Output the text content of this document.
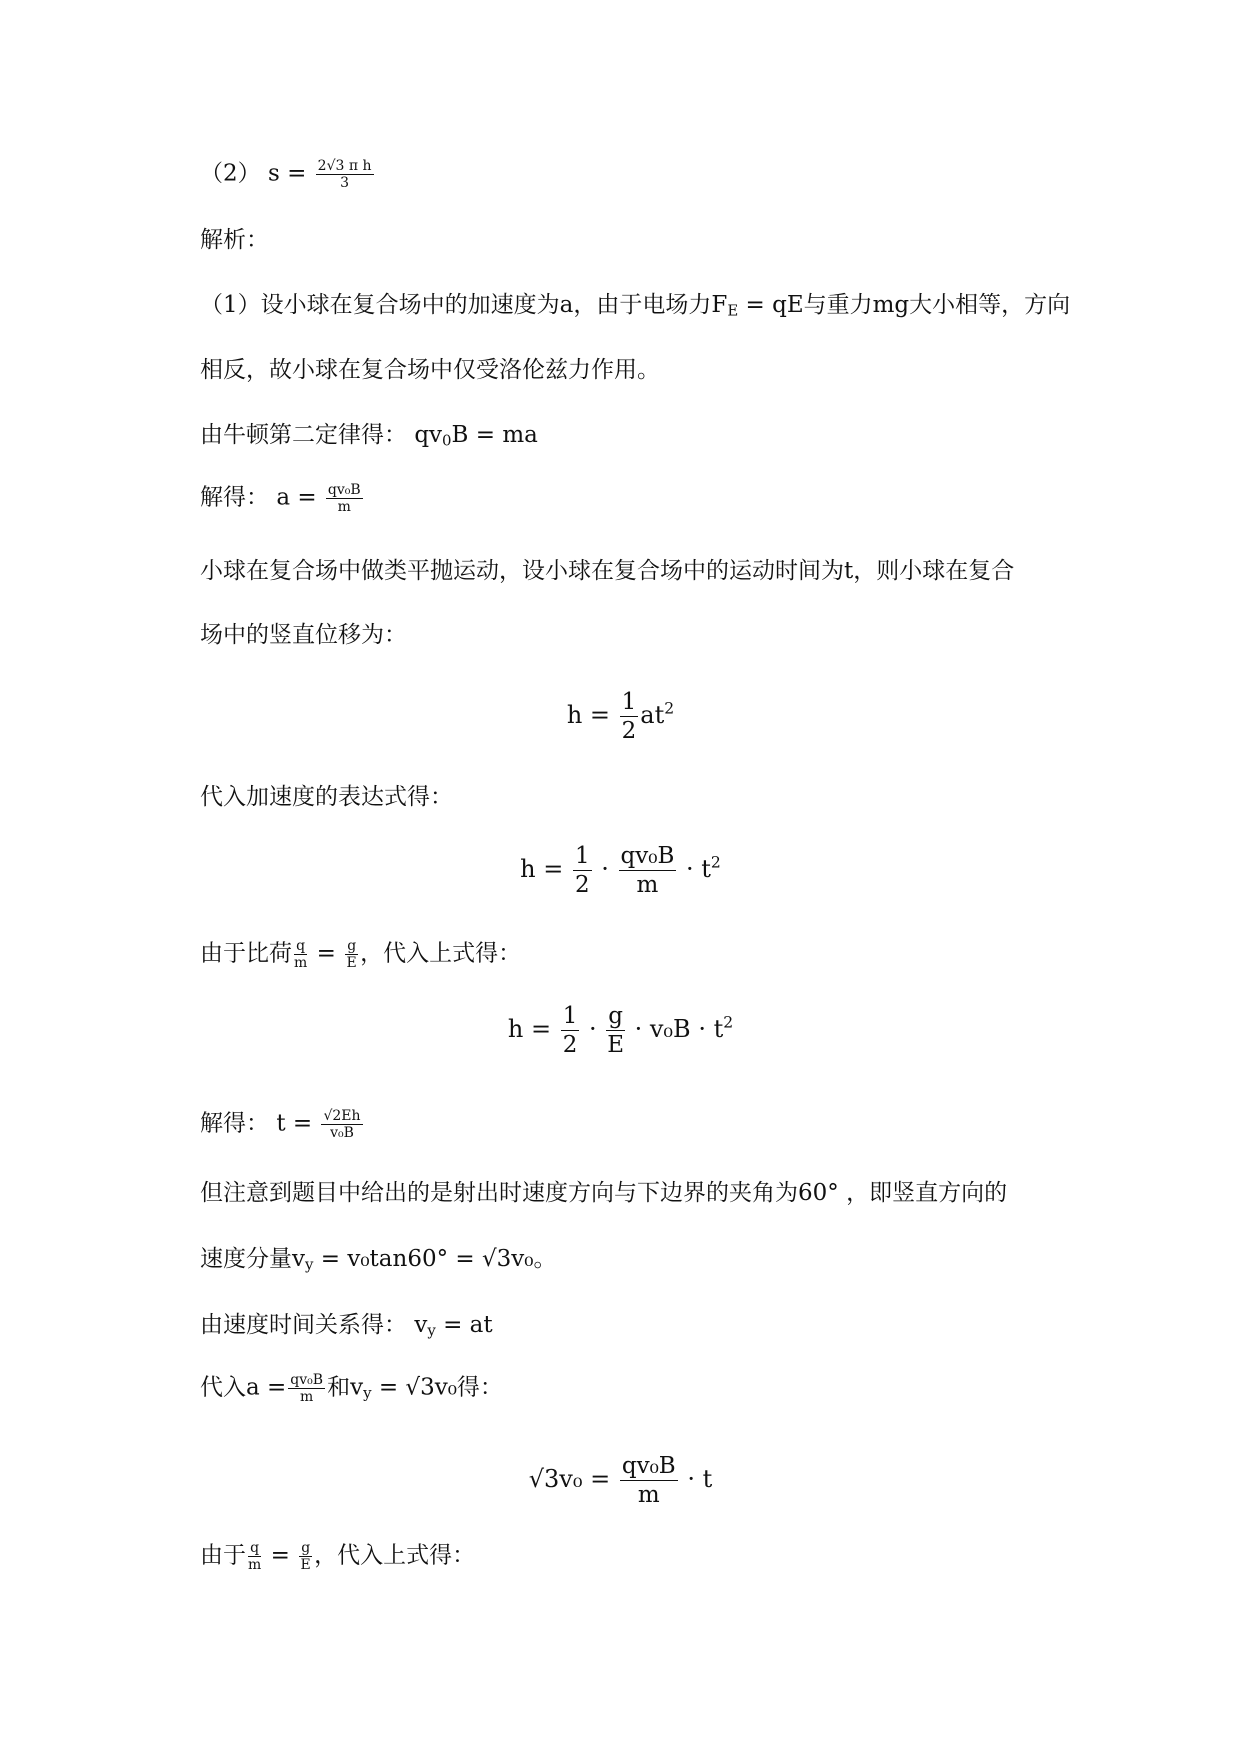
（2） $s = \frac{\text{2√3 π h}}{3}$
解析：
（1）设小球在复合场中的加速度为a，由于电场力$F_E$ = qE与重力mg大小相等，方向
相反，故小球在复合场中仅受洛伦兹力作用。
由牛顿第二定律得： $qv_0B$ = ma
解得： $a = \frac{\text{qv₀B}}{m}$
小球在复合场中做类平抛运动，设小球在复合场中的运动时间为t，则小球在复合
场中的竖直位移为：
$h = \frac{1}{2} at^2$
代入加速度的表达式得：
$h = \frac{1}{2} \cdot \frac{\text{qv₀B}}{m} \cdot t^2$
由于比荷 $\frac{q}{m} = \frac{g}{E}$ ，代入上式得：
$h = \frac{1}{2} \cdot \frac{g}{E} \cdot v_0B \cdot t^2$
解得： $t = \frac{√2Eh}{\text{v₀B}}$
但注意到题目中给出的是射出时速度方向与下边界的夹角为60° ，即竖直方向的
速度分量$v_y = v_0\tan 60^\circ = √3v_0$。
由速度时间关系得： $v_y$ = at
代入$a = \frac{\text{qv₀B}}{m}$ 和$v_y = √3v_0$得：
$√3v_0 = \frac{\text{qv₀B}}{m} \cdot t$
由于 $\frac{q}{m} = \frac{g}{E}$ ，代入上式得：
